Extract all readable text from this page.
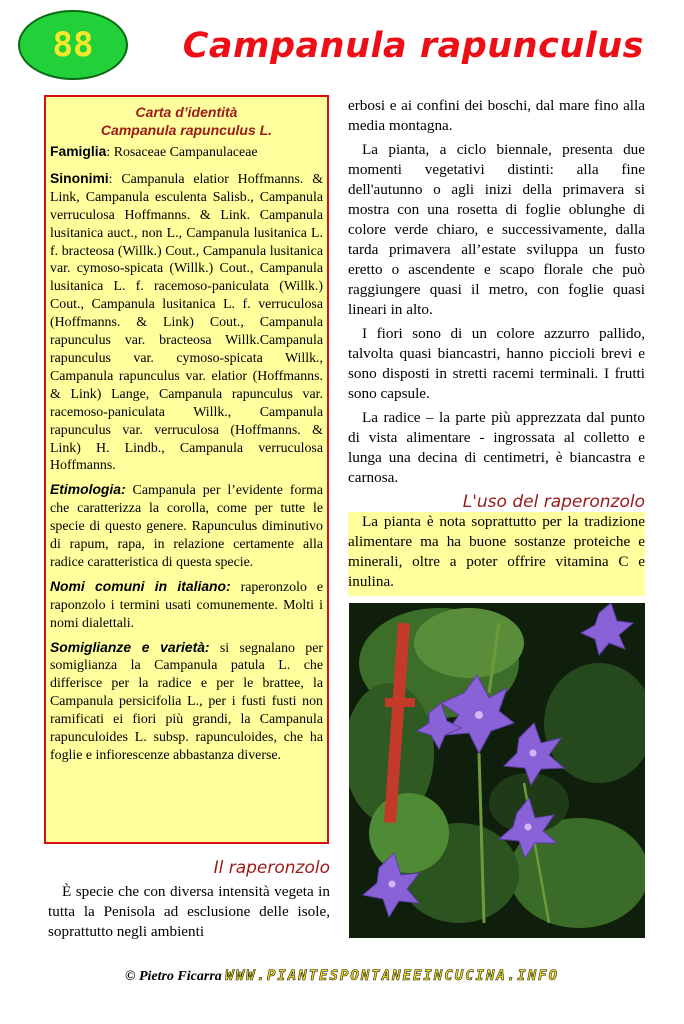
88	Campanula rapunculus
Carta d’identità
Campanula rapunculus L.

Famiglia: Rosaceae Campanulaceae

Sinonimi: Campanula elatior Hoffmanns. & Link, Campanula esculenta Salisb., Campanula verruculosa Hoffmanns. & Link. Campanula lusitanica auct., non L., Campanula lusitanica L. f. bracteosa (Willk.) Cout., Campanula lusitanica var. cymoso-spicata (Willk.) Cout., Campanula lusitanica L. f. racemoso-paniculata (Willk.) Cout., Campanula lusitanica L. f. verruculosa (Hoffmanns. & Link) Cout., Campanula rapunculus var. bracteosa Willk.Campanula rapunculus var. cymoso-spicata Willk., Campanula rapunculus var. elatior (Hoffmanns. & Link) Lange, Campanula rapunculus var. racemoso-paniculata Willk., Campanula rapunculus var. verruculosa (Hoffmanns. & Link) H. Lindb., Campanula verruculosa Hoffmanns.

Etimologia: Campanula per l’evidente forma che caratterizza la corolla, come per tutte le specie di questo genere. Rapunculus diminutivo di rapum, rapa, in relazione certamente alla radice caratteristica di questa specie.

Nomi comuni in italiano: raperonzolo e raponzolo i termini usati comunemente. Molti i nomi dialettali.

Somiglianze e varietà: si segnalano per somiglianza la Campanula patula L. che differisce per la radice e per le brattee, la Campanula persicifolia L., per i fusti fusti non ramificati ei fiori più grandi, la Campanula rapunculoides L. subsp. rapunculoides, che ha foglie e infiorescenze abbastanza diverse.

Il raperonzolo

È specie che con diversa intensità vegeta in tutta la Penisola ad esclusione delle isole, soprattutto negli ambienti

erbosi e ai confini dei boschi, dal mare fino alla media montagna.

La pianta, a ciclo biennale, presenta due momenti vegetativi distinti: alla fine dell'autunno o agli inizi della primavera si mostra con una rosetta di foglie oblunghe di colore verde chiaro, e successivamente, dalla tarda primavera all’estate sviluppa un fusto eretto o ascendente e scapo florale che può raggiungere quasi il metro, con foglie quasi lineari in alto.

I fiori sono di un colore azzurro pallido, talvolta quasi biancastri, hanno piccioli brevi e sono disposti in stretti racemi terminali. I frutti sono capsule.

La radice – la parte più apprezzata dal punto di vista alimentare - ingrossata al colletto e lunga una decina di centimetri, è biancastra e carnosa.

L'uso del raperonzolo

La pianta è nota soprattutto per la tradizione alimentare ma ha buone sostanze proteiche e minerali, oltre a poter offrire vitamina C e inulina.

© Pietro Ficarra WWW.PIANTESPONTANEEINCUCINA.INFO
